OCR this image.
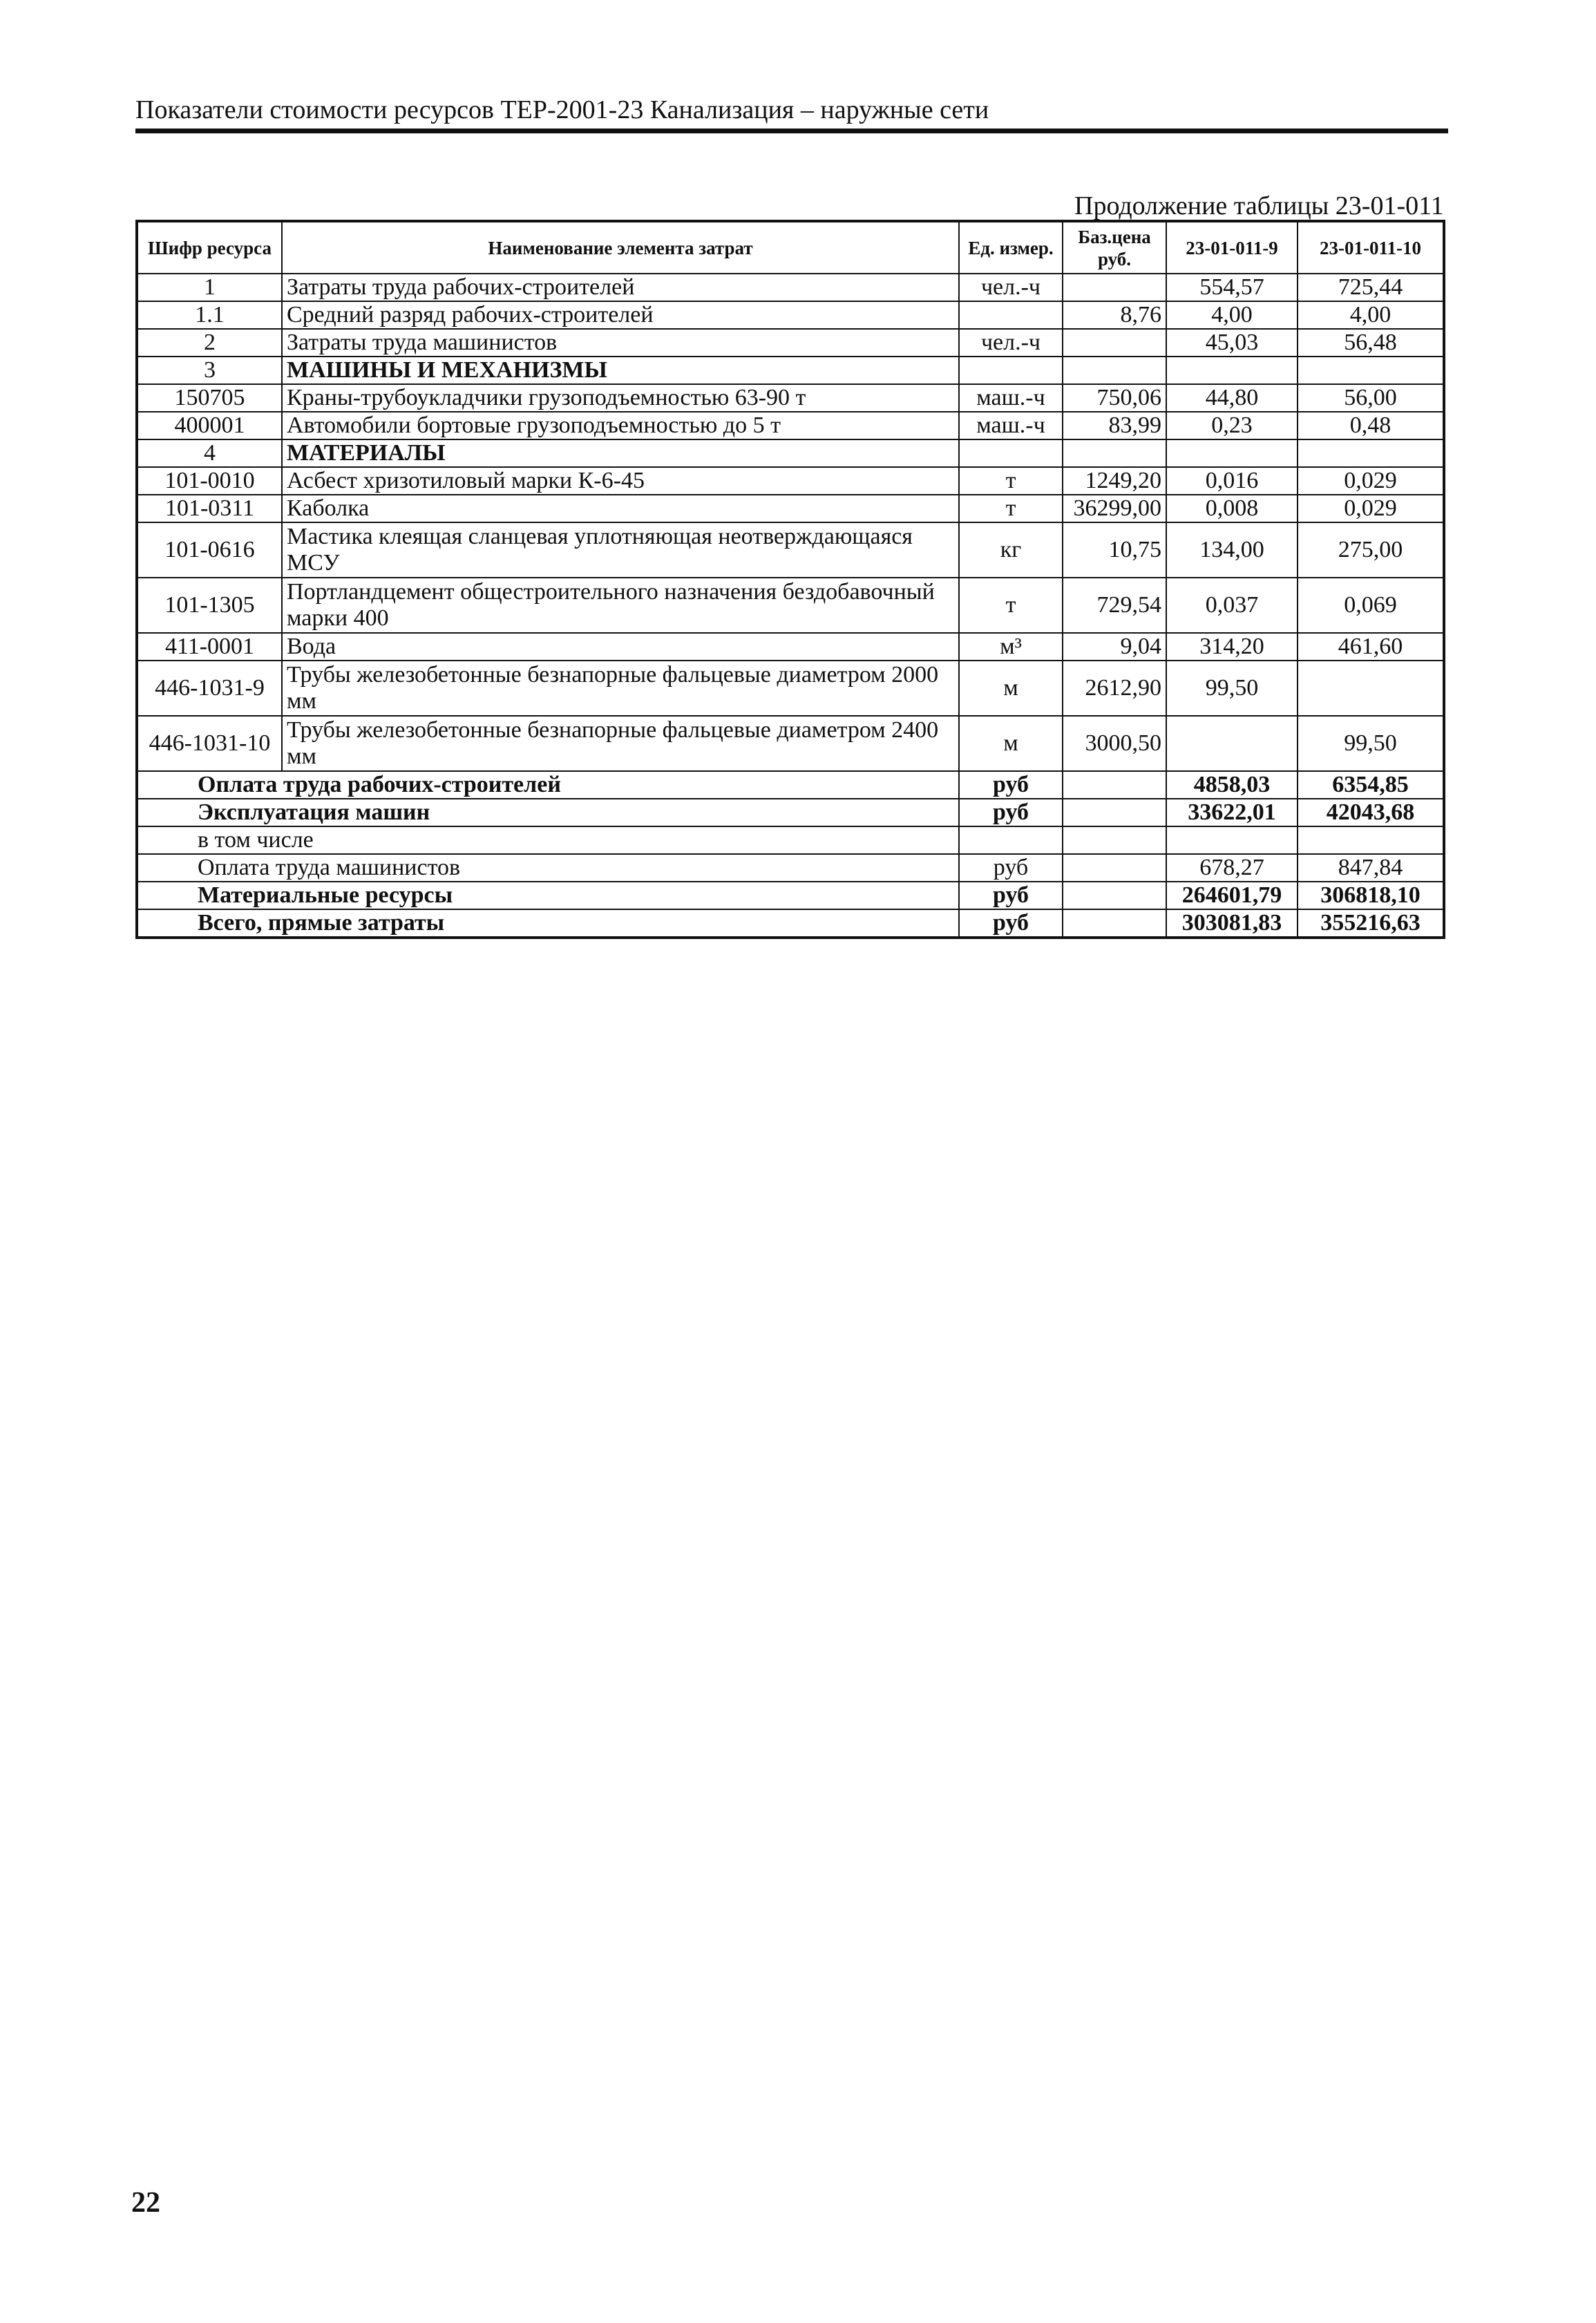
Показатели стоимости ресурсов ТЕР-2001-23 Канализация – наружные сети
Продолжение таблицы 23-01-011
Шифр ресурса	Наименование элемента затрат	Ед. измер.	Баз.цена руб.	23-01-011-9	23-01-011-10
1	Затраты труда рабочих-строителей	чел.-ч		554,57	725,44
1.1	Средний разряд рабочих-строителей		8,76	4,00	4,00
2	Затраты труда машинистов	чел.-ч		45,03	56,48
3	МАШИНЫ И МЕХАНИЗМЫ				
150705	Краны-трубоукладчики грузоподъемностью 63-90 т	маш.-ч	750,06	44,80	56,00
400001	Автомобили бортовые грузоподъемностью до 5 т	маш.-ч	83,99	0,23	0,48
4	МАТЕРИАЛЫ				
101-0010	Асбест хризотиловый марки К-6-45	т	1249,20	0,016	0,029
101-0311	Каболка	т	36299,00	0,008	0,029
101-0616	Мастика клеящая сланцевая уплотняющая неотверждающаяся МСУ	кг	10,75	134,00	275,00
101-1305	Портландцемент общестроительного назначения бездобавочный марки 400	т	729,54	0,037	0,069
411-0001	Вода	м³	9,04	314,20	461,60
446-1031-9	Трубы железобетонные безнапорные фальцевые диаметром 2000 мм	м	2612,90	99,50	
446-1031-10	Трубы железобетонные безнапорные фальцевые диаметром 2400 мм	м	3000,50		99,50
Оплата труда рабочих-строителей		руб		4858,03	6354,85
Эксплуатация машин		руб		33622,01	42043,68
в том числе					
Оплата труда машинистов		руб		678,27	847,84
Материальные ресурсы		руб		264601,79	306818,10
Всего, прямые затраты		руб		303081,83	355216,63
22
